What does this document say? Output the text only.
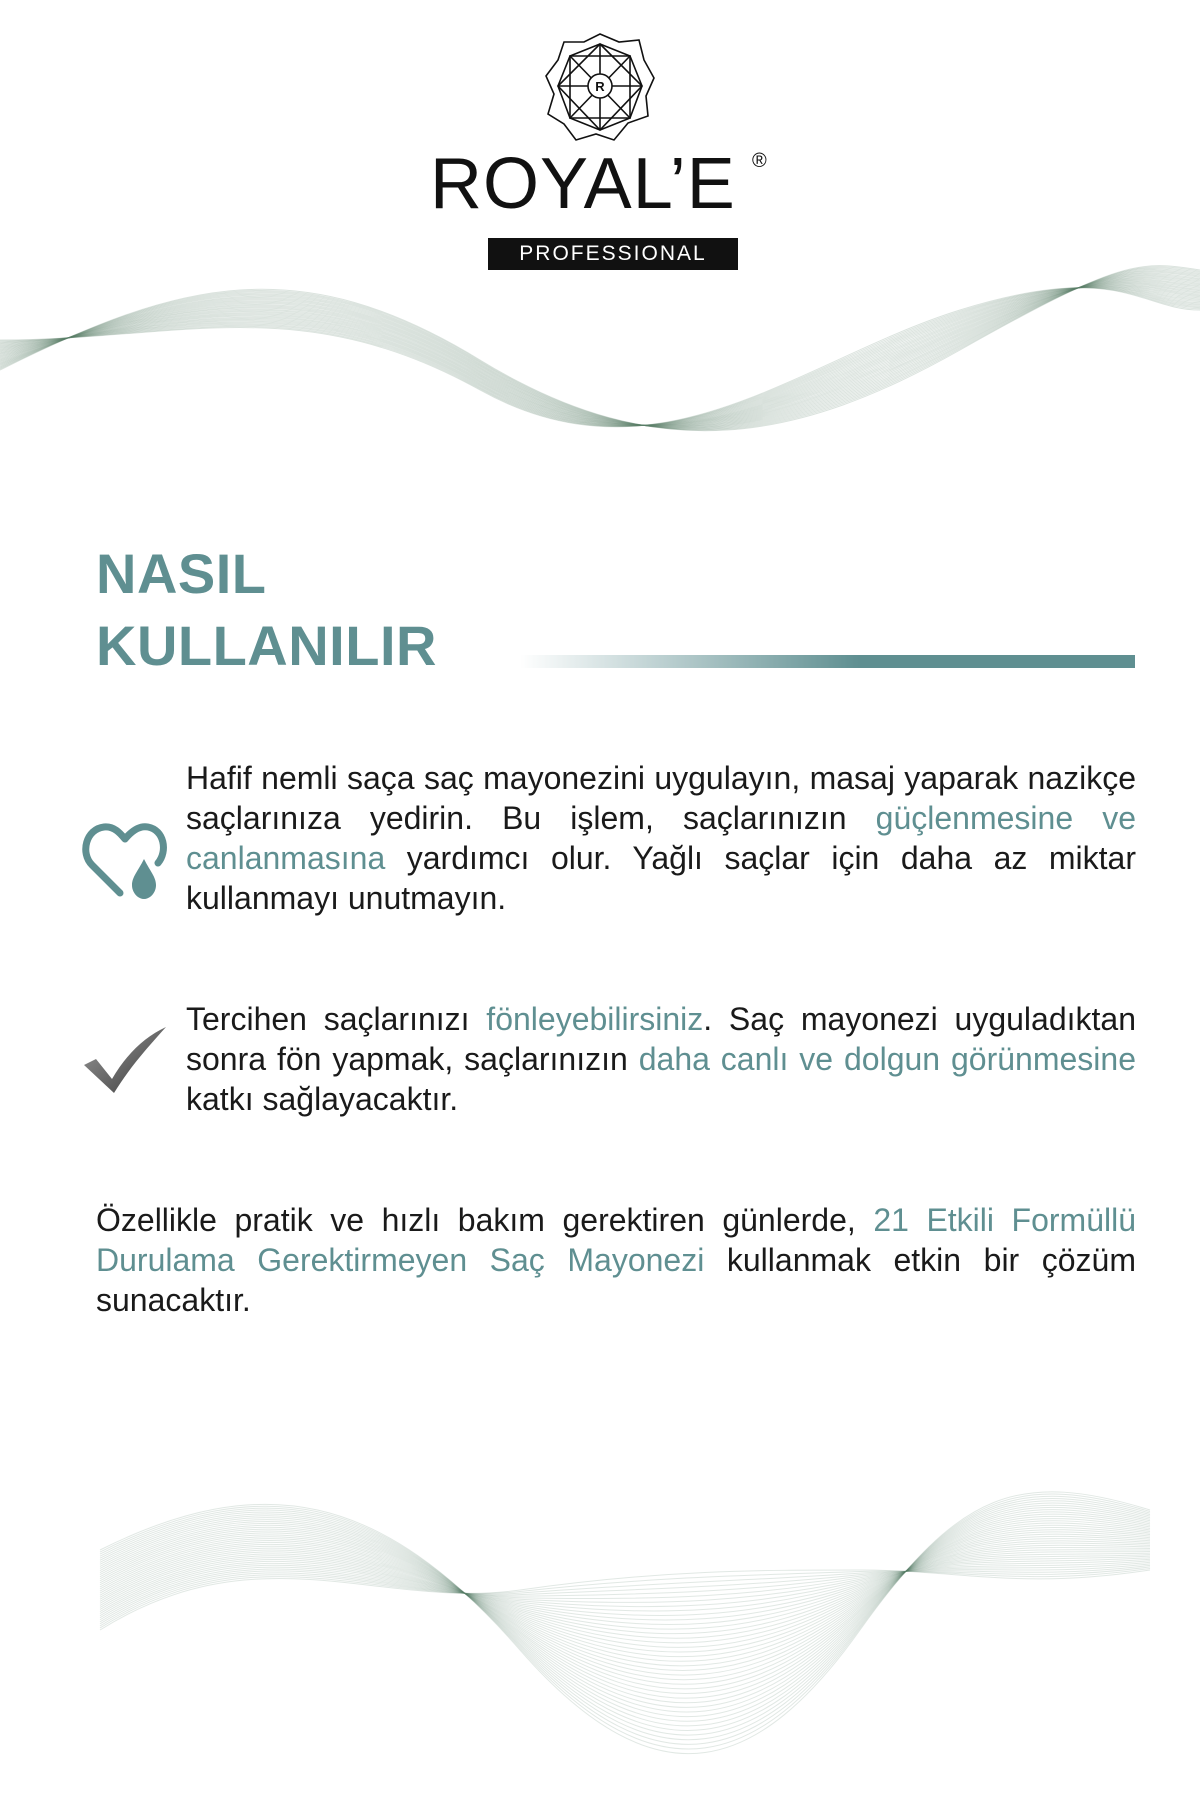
R
ROYAL’E ®
PROFESSIONAL
NASIL
KULLANILIR

Hafif nemli saça saç mayonezini uygulayın, masaj yaparak nazikçe saçlarınıza yedirin. Bu işlem, saçlarınızın güçlenmesine ve canlanmasına yardımcı olur. Yağlı saçlar için daha az miktar kullanmayı unutmayın.

Tercihen saçlarınızı fönleyebilirsiniz. Saç mayonezi uyguladıktan sonra fön yapmak, saçlarınızın daha canlı ve dolgun görünmesine katkı sağlayacaktır.

Özellikle pratik ve hızlı bakım gerektiren günlerde, 21 Etkili Formüllü Durulama Gerektirmeyen Saç Mayonezi kullanmak etkin bir çözüm sunacaktır.
